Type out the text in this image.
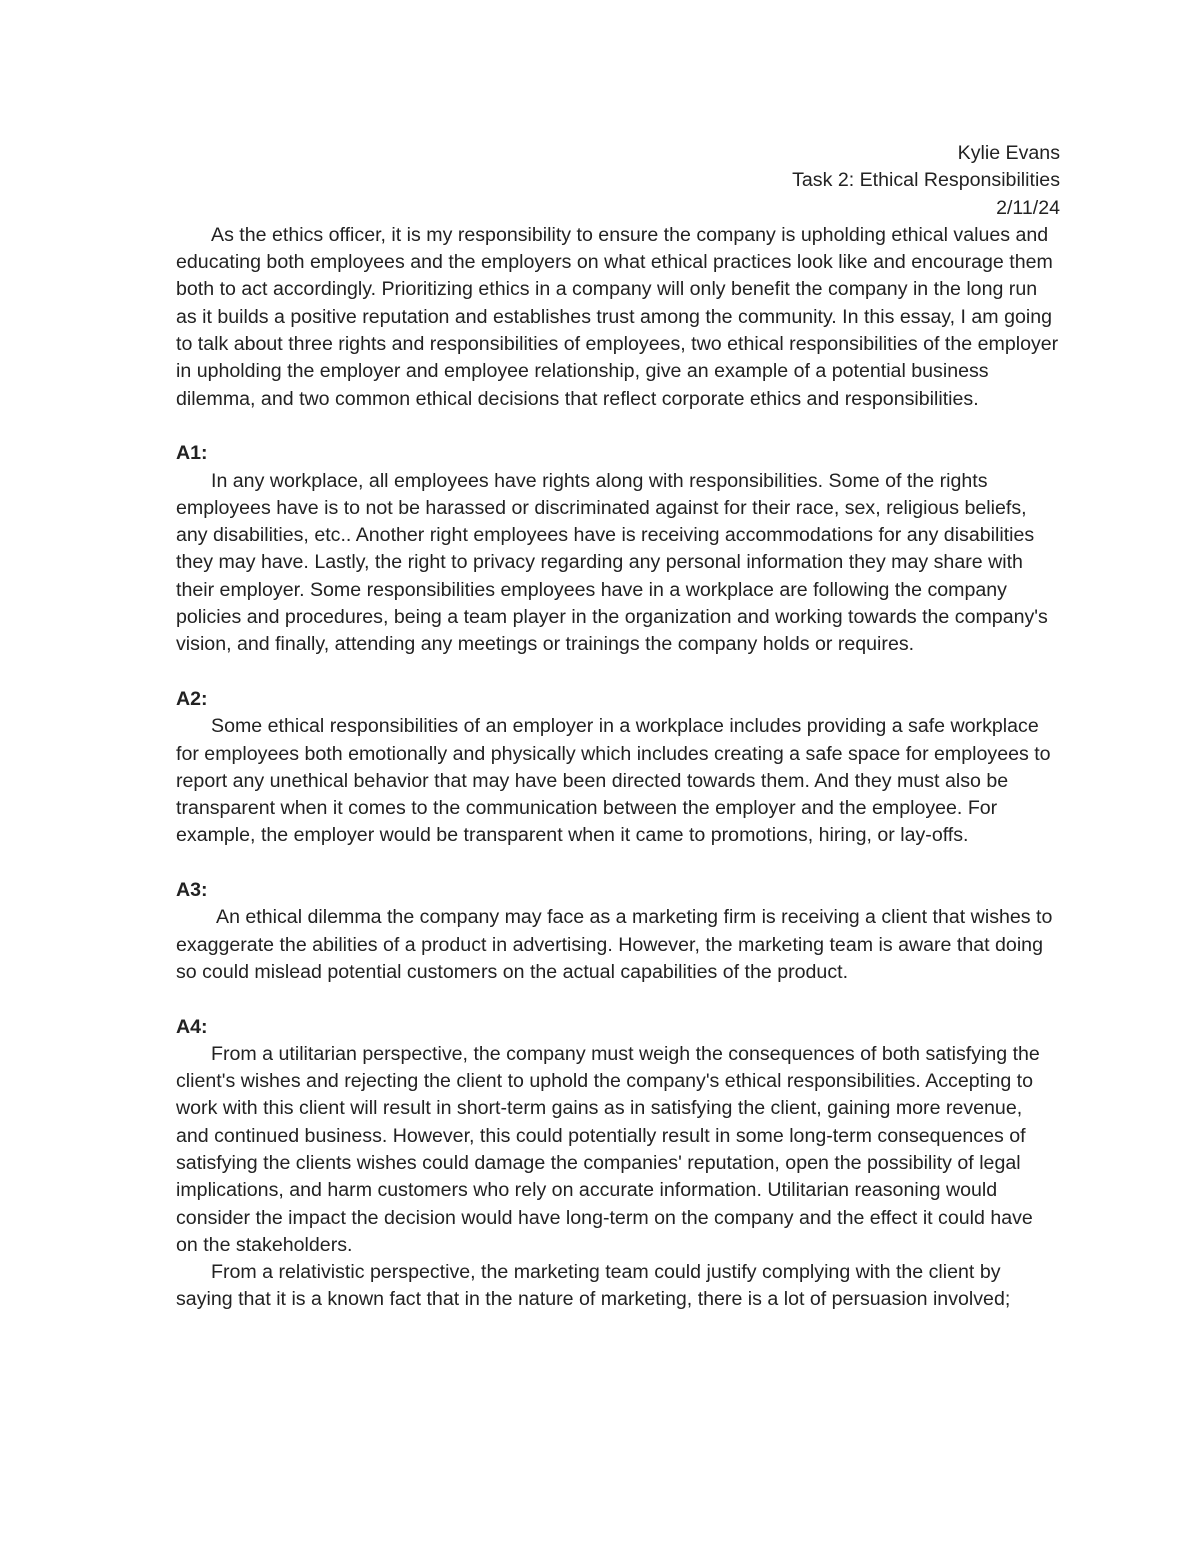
Kylie Evans
Task 2: Ethical Responsibilities
2/11/24

As the ethics officer, it is my responsibility to ensure the company is upholding ethical values and educating both employees and the employers on what ethical practices look like and encourage them both to act accordingly. Prioritizing ethics in a company will only benefit the company in the long run as it builds a positive reputation and establishes trust among the community. In this essay, I am going to talk about three rights and responsibilities of employees, two ethical responsibilities of the employer in upholding the employer and employee relationship, give an example of a potential business dilemma, and two common ethical decisions that reflect corporate ethics and responsibilities.

A1:

In any workplace, all employees have rights along with responsibilities. Some of the rights employees have is to not be harassed or discriminated against for their race, sex, religious beliefs, any disabilities, etc.. Another right employees have is receiving accommodations for any disabilities they may have. Lastly, the right to privacy regarding any personal information they may share with their employer. Some responsibilities employees have in a workplace are following the company policies and procedures, being a team player in the organization and working towards the company's vision, and finally, attending any meetings or trainings the company holds or requires.

A2:

Some ethical responsibilities of an employer in a workplace includes providing a safe workplace for employees both emotionally and physically which includes creating a safe space for employees to report any unethical behavior that may have been directed towards them. And they must also be transparent when it comes to the communication between the employer and the employee. For example, the employer would be transparent when it came to promotions, hiring, or lay-offs.

A3:

An ethical dilemma the company may face as a marketing firm is receiving a client that wishes to exaggerate the abilities of a product in advertising. However, the marketing team is aware that doing so could mislead potential customers on the actual capabilities of the product.

A4:

From a utilitarian perspective, the company must weigh the consequences of both satisfying the client's wishes and rejecting the client to uphold the company's ethical responsibilities. Accepting to work with this client will result in short-term gains as in satisfying the client, gaining more revenue, and continued business. However, this could potentially result in some long-term consequences of satisfying the clients wishes could damage the companies' reputation, open the possibility of legal implications, and harm customers who rely on accurate information. Utilitarian reasoning would consider the impact the decision would have long-term on the company and the effect it could have on the stakeholders.

From a relativistic perspective, the marketing team could justify complying with the client by saying that it is a known fact that in the nature of marketing, there is a lot of persuasion involved;
